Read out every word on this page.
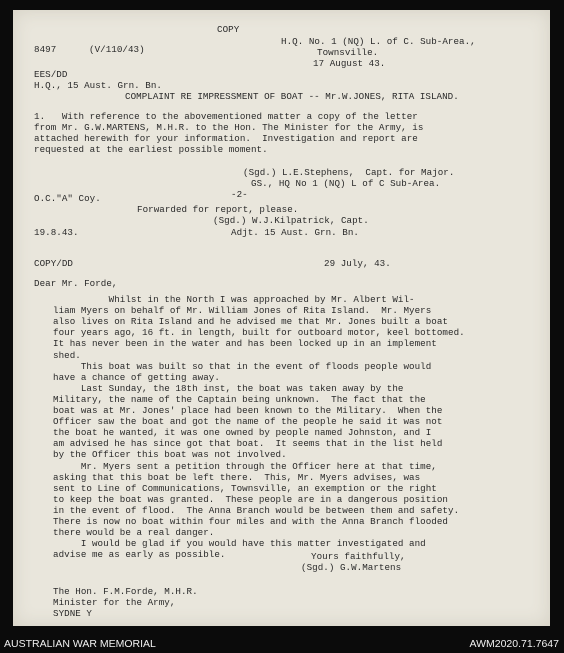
COPY
8497	(V/110/43)
H.Q. No. 1 (NQ) L. of C. Sub-Area.,
Townsville.
17 August 43.
EES/DD
H.Q., 15 Aust. Grn. Bn.
COMPLAINT RE IMPRESSMENT OF BOAT -- Mr.W.JONES, RITA ISLAND.
1.   With reference to the abovementioned matter a copy of the letter
from Mr. G.W.MARTENS, M.H.R. to the Hon. The Minister for the Army, is
attached herewith for your information.  Investigation and report are
requested at the earliest possible moment.
(Sgd.) L.E.Stephens,  Capt. for Major.
GS., HQ No 1 (NQ) L of C Sub-Area.
-2-
O.C."A" Coy.
Forwarded for report, please.
(Sgd.) W.J.Kilpatrick, Capt.
19.8.43.	Adjt. 15 Aust. Grn. Bn.
COPY/DD	29 July, 43.
Dear Mr. Forde,
Whilst in the North I was approached by Mr. Albert Wil-
liam Myers on behalf of Mr. William Jones of Rita Island.  Mr. Myers
also lives on Rita Island and he advised me that Mr. Jones built a boat
four years ago, 16 ft. in length, built for outboard motor, keel bottomed.
It has never been in the water and has been locked up in an implement
shed.
This boat was built so that in the event of floods people would
have a chance of getting away.
Last Sunday, the 18th inst, the boat was taken away by the
Military, the name of the Captain being unknown.  The fact that the
boat was at Mr. Jones' place had been known to the Military.  When the
Officer saw the boat and got the name of the people he said it was not
the boat he wanted, it was one owned by people named Johnston, and I
am advised he has since got that boat.  It seems that in the list held
by the Officer this boat was not involved.
Mr. Myers sent a petition through the Officer here at that time,
asking that this boat be left there.  This, Mr. Myers advises, was
sent to Line of Communications, Townsville, an exemption or the right
to keep the boat was granted.  These people are in a dangerous position
in the event of flood.  The Anna Branch would be between them and safety.
There is now no boat within four miles and with the Anna Branch flooded
there would be a real danger.
I would be glad if you would have this matter investigated and
advise me as early as possible.	Yours faithfully,
(Sgd.) G.W.Martens
The Hon. F.M.Forde, M.H.R.
Minister for the Army,
SYDNE Y
AUSTRALIAN WAR MEMORIAL	AWM2020.71.7647
